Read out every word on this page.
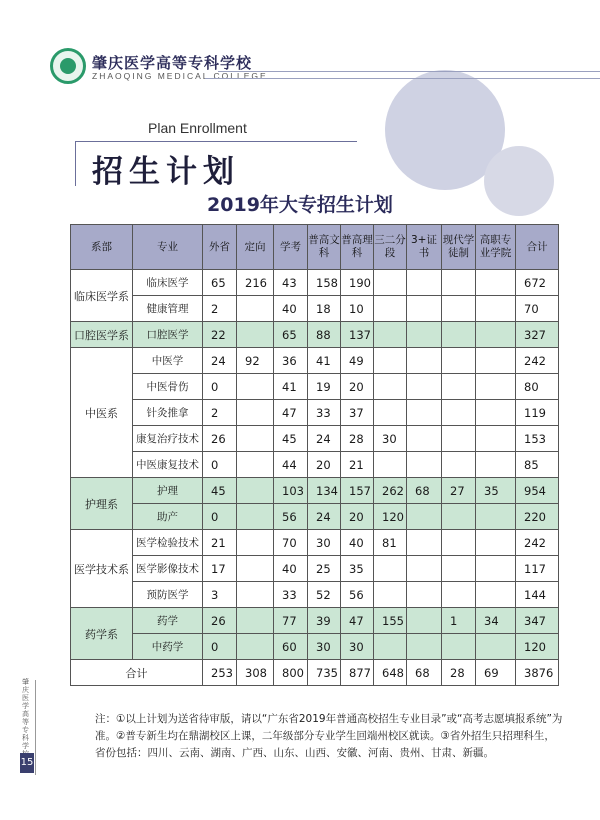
肇庆医学高等专科学校
ZHAOQING MEDICAL COLLEGE
Plan Enrollment
招生计划
2019年大专招生计划
系部	专业	外省	定向	学考	普高文科	普高理科	三二分段	3+证书	现代学徒制	高职专业学院	合计
临床医学系	临床医学	65	216	43	158	190					672
	健康管理	2		40	18	10					70
口腔医学系	口腔医学	22		65	88	137					327
中医系	中医学	24	92	36	41	49					242
	中医骨伤	0		41	19	20					80
	针灸推拿	2		47	33	37					119
	康复治疗技术	26		45	24	28	30				153
	中医康复技术	0		44	20	21					85
护理系	护理	45		103	134	157	262	68	27	35	954
	助产	0		56	24	20	120				220
医学技术系	医学检验技术	21		70	30	40	81				242
	医学影像技术	17		40	25	35					117
	预防医学	3		33	52	56					144
药学系	药学	26		77	39	47	155		1	34	347
	中药学	0		60	30	30					120
合计		253	308	800	735	877	648	68	28	69	3876
注：①以上计划为送省待审版，请以“广东省2019年普通高校招生专业目录”或“高考志愿填报系统”为准。②普专新生均在鼎湖校区上课，二年级部分专业学生回端州校区就读。③省外招生只招理科生，省份包括：四川、云南、湖南、广西、山东、山西、安徽、河南、贵州、甘肃、新疆。
肇庆医学高等专科学
15
